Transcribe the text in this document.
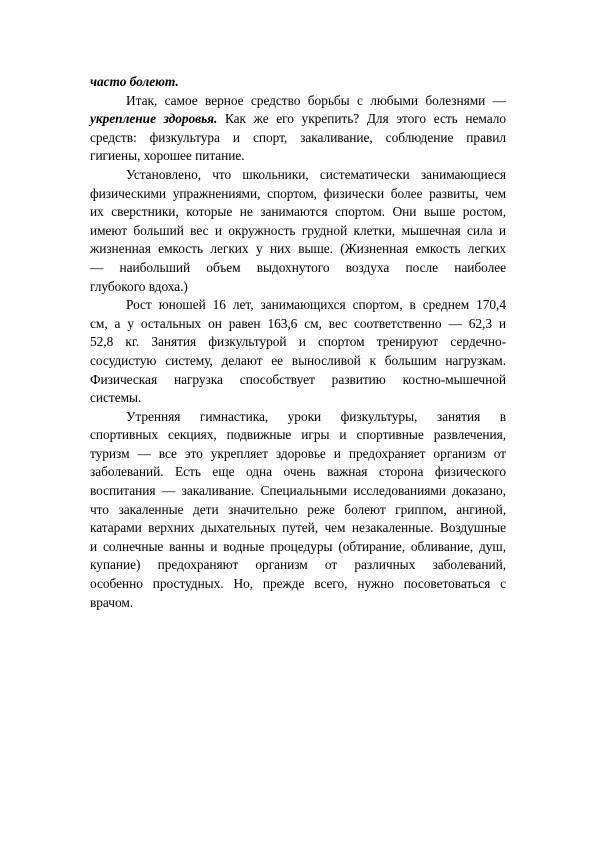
часто болеют.
Итак, самое верное средство борьбы с любыми болезнями —
укрепление здоровья. Как же его укрепить? Для этого есть немало
средств: физкультура и спорт, закаливание, соблюдение правил
гигиены, хорошее питание.
Установлено, что школьники, систематически занимающиеся
физическими упражнениями, спортом, физически более развиты, чем
их сверстники, которые не занимаются спортом. Они выше ростом,
имеют больший вес и окружность грудной клетки, мышечная сила и
жизненная емкость легких у них выше. (Жизненная емкость легких
— наибольший объем выдохнутого воздуха после наиболее
глубокого вдоха.)
Рост юношей 16 лет, занимающихся спортом, в среднем 170,4
см, а у остальных он равен 163,6 см, вес соответственно — 62,3 и
52,8 кг. Занятия физкультурой и спортом тренируют сердечно-
сосудистую систему, делают ее выносливой к большим нагрузкам.
Физическая нагрузка способствует развитию костно-мышечной
системы.
Утренняя гимнастика, уроки физкультуры, занятия в
спортивных секциях, подвижные игры и спортивные развлечения,
туризм — все это укрепляет здоровье и предохраняет организм от
заболеваний. Есть еще одна очень важная сторона физического
воспитания — закаливание. Специальными исследованиями доказано,
что закаленные дети значительно реже болеют гриппом, ангиной,
катарами верхних дыхательных путей, чем незакаленные. Воздушные
и солнечные ванны и водные процедуры (обтирание, обливание, душ,
купание) предохраняют организм от различных заболеваний,
особенно простудных. Но, прежде всего, нужно посоветоваться с
врачом.
